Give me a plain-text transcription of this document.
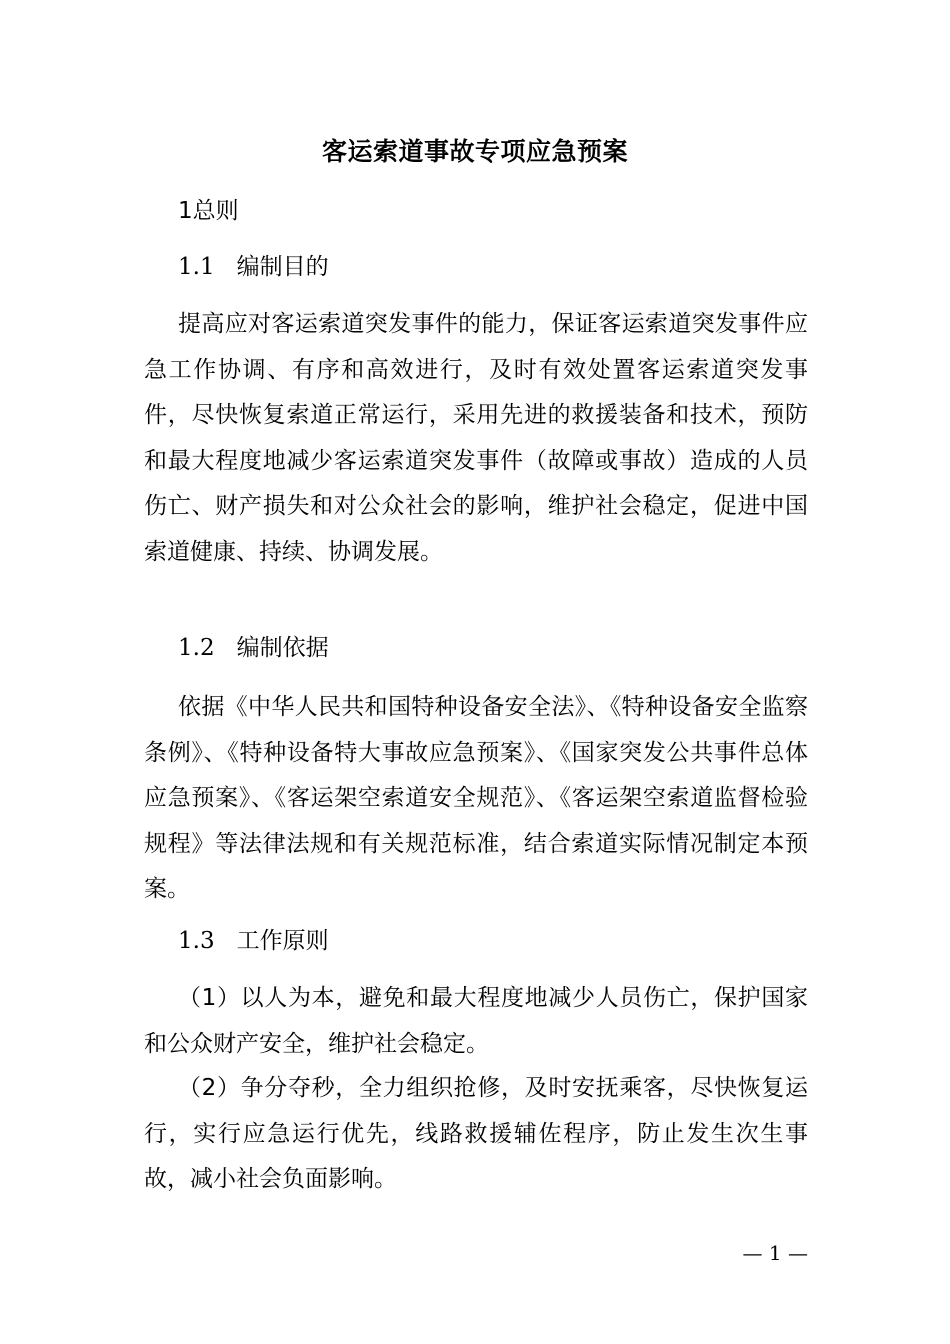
客运索道事故专项应急预案
1总则
1.1 编制目的

提高应对客运索道突发事件的能力，保证客运索道突发事件应急工作协调、有序和高效进行，及时有效处置客运索道突发事件，尽快恢复索道正常运行，采用先进的救援装备和技术，预防和最大程度地减少客运索道突发事件（故障或事故）造成的人员伤亡、财产损失和对公众社会的影响，维护社会稳定，促进中国索道健康、持续、协调发展。

1.2 编制依据

依据《中华人民共和国特种设备安全法》、《特种设备安全监察条例》、《特种设备特大事故应急预案》、《国家突发公共事件总体应急预案》、《客运架空索道安全规范》、《客运架空索道监督检验规程》等法律法规和有关规范标准，结合索道实际情况制定本预案。

1.3 工作原则

（1）以人为本，避免和最大程度地减少人员伤亡，保护国家和公众财产安全，维护社会稳定。

（2）争分夺秒，全力组织抢修，及时安抚乘客，尽快恢复运行，实行应急运行优先，线路救援辅佐程序，防止发生次生事故，减小社会负面影响。

— 1 —
